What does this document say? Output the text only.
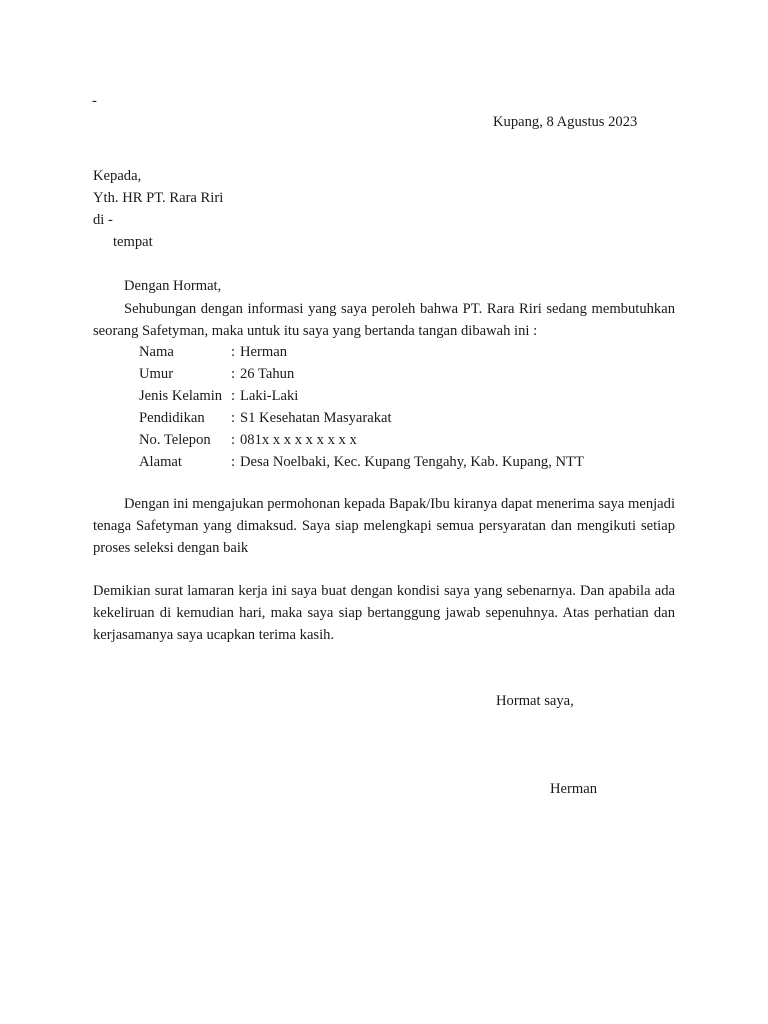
-
Kupang, 8 Agustus 2023
Kepada,
Yth. HR PT. Rara Riri
di -
tempat
Dengan Hormat,
Sehubungan dengan informasi yang saya peroleh bahwa PT. Rara Riri sedang membutuhkan seorang Safetyman, maka untuk itu saya yang bertanda tangan dibawah ini :
Nama	: Herman
Umur	: 26 Tahun
Jenis Kelamin : Laki-Laki
Pendidikan	: S1 Kesehatan Masyarakat
No. Telepon	: 081x x x x x x x x x
Alamat	: Desa Noelbaki, Kec. Kupang Tengahy, Kab. Kupang, NTT
Dengan ini mengajukan permohonan kepada Bapak/Ibu kiranya dapat menerima saya menjadi tenaga Safetyman yang dimaksud. Saya siap melengkapi semua persyaratan dan mengikuti setiap proses seleksi dengan baik
Demikian surat lamaran kerja ini saya buat dengan kondisi saya yang sebenarnya. Dan apabila ada kekeliruan di kemudian hari, maka saya siap bertanggung jawab sepenuhnya. Atas perhatian dan kerjasamanya saya ucapkan terima kasih.
Hormat saya,
Herman
